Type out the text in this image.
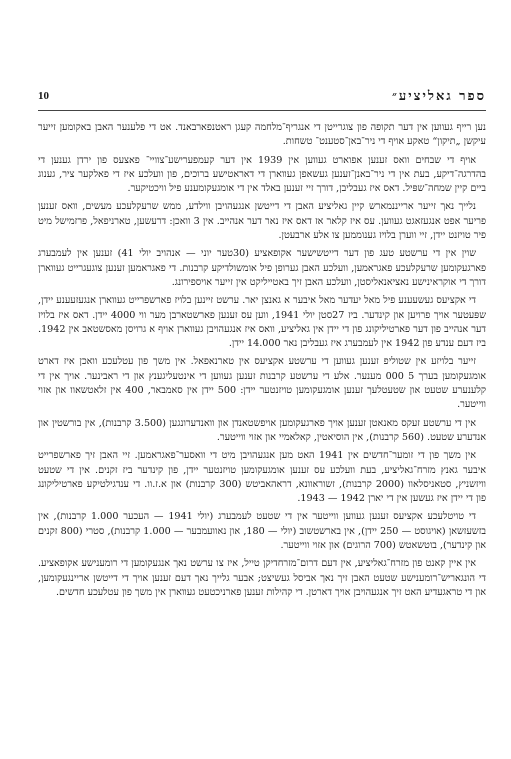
10	ספר גאליציע״

נען רייף געווען אין דער תקופה פון צוגרייטן די אנגריף־מלחמה קעגן ראטנפארבאנד. אט די פלענער האבן באקומען זייער עיקשן „תיקון“ טאקע אויף די ניר־באן־סטענט־ טשחות.

אויף די שבחים וואס זענען אפוארט געווען אין 1939 אין דער קעמפערישע־צוויי־ פאצעס פון ירדן גענען די בהדרגה־דיקע, בעת אין די ניר־באנן־זענען געשאפן געווארן די דאראטישע ברוכים, פון וועלכע איז די פאלקער ציר, גענוג ביים קיין שמחה־שפּיל. דאס איז געבליבן, דורך זיי זענען באלד אין די אומגעקומענע פיל וויכטיקער.

נלייך נאך זייער ארייננמארש קיין גאליציע האבן די דייטשן אנגעהויבן ווילדע, ממש שרעקלעכע מעשים, וואס זענען פריער אפט אנגעזאגט געווען. עס איז קלאר אז דאס איז נאר דער אנהייב. אין 3 וואכן: דרעשען, טארניפאל, פרזמישל מיט פיר טויזנט יידן, זיי ווערן בלויז גענוממען צו אלע ארבעטן.

שוין אין די ערשטע טעג פון דער דייטשישער אקופאציע (30טער יוני — אנהויב יולי 41) זענען אין לעמבערג פארגעקומען שרעקלעכע פאגראמען, וועלכע האבן גערופן פיל אומשולדיקע קרבנות. די פאגראמען זענען צוגעגרייט געווארן דורך די אוקראינישע נאציאנאליסטן, וועלכע האבן זיך באטייליקט אין זייער אויספירונג.

די אקציעס געשעענע פיל מאל יעדער מאל איבער א גאנצן יאר. ערשט זיינען בלויז פארשפרייט געווארן אנגעזעענע יידן, שפּעטער אויך פרויען און קינדער. ביז 27סטן יולי 1941, ווען עס זענען פארשטארבן מער ווי 4000 יידן. דאס איז בלויז דער אנהייב פון דער פארטיליקונג פון די יידן אין גאליציע, וואס איז אנגעהויבן געווארן אויף א גרויסן מאסשטאב אין 1942. ביז דעם ענדע פון 1942 אין לעמבערג איז געבליבן נאר 14.000 יידן.

זייער בלויזע אין שטוליפ זענען געווען די ערשטע אקציעס אין טארנאפאל. אין משך פון עטלעכע וואכן איז דארט אומגעקומען בערך 5 000 מענער. אלע די ערשטע קרבנות זענען געווען די אינטעליגענץ און די ראבינער. אויך אין די קלענערע שטעט און שטעטלעך זענען אומגעקומען טויזנטער יידן: 500 יידן אין סאמבאר, 400 אין זלאטשאוו און אזוי ווייטער.

אין די ערשטע זעקס מאנאטן זענען אויך פארגעקומען אויפשטאנדן און וואנדערונגען (3.500 קרבנות), אין בורשטין און אנדערע שטעט. (560 קרבנות), אין הוסיאטין, קאלאמיי און אזוי ווייטער.

אין משך פון די זומער־חדשים אין 1941 האט מען אנגעהויבן מיט די וואסער־פאגראמען. זיי האבן זיך פארשפרייט איבער גאנץ מזרח־גאליציע, בעת וועלכע עס זענען אומגעקומען טויזנטער יידן, פון קינדער ביז זקנים. אין די שטעט וויזשניץ, סטאניסלאוו (2000 קרבנות), זשוראוונא, דראהאביטש (300 קרבנות) און א.ז.וו. די ענדגילטיקע פארטיליקונג פון די יידן איז געשען אין די יארן 1942 — 1943.

די טויטלעכע אקציעס זענען געווען ווייטער אין די שטעט לעמבערג (יולי 1941 — העכער 1.000 קרבנות), אין בזשעזשאן (אויגוסט — 250 יידן), אין בארשטשוב (יולי — 180, און נאוועמבער — 1.000 קרבנות), סטרי (800 זקנים און קינדער), בוטשאטש (700 הרוגים) און אזוי ווייטער.

אין איין קאנט פון מזרח־גאליציע, אין דעם דרום־מזרחדיקן טייל, איז צו ערשט נאך אנגעקומען די רומענישע אקופאציע. די הונגאריש־רומענישע שטעט האבן זיך נאך אביסל געשיצט; אבער גלייך נאך דעם זענען אויך די דייטשן אריינגעקומען, און די טראגעדיע האט זיך אנגעהויבן אויך דארטן. די קהילות זענען פארניכטעט געווארן אין משך פון עטלעכע חדשים.
